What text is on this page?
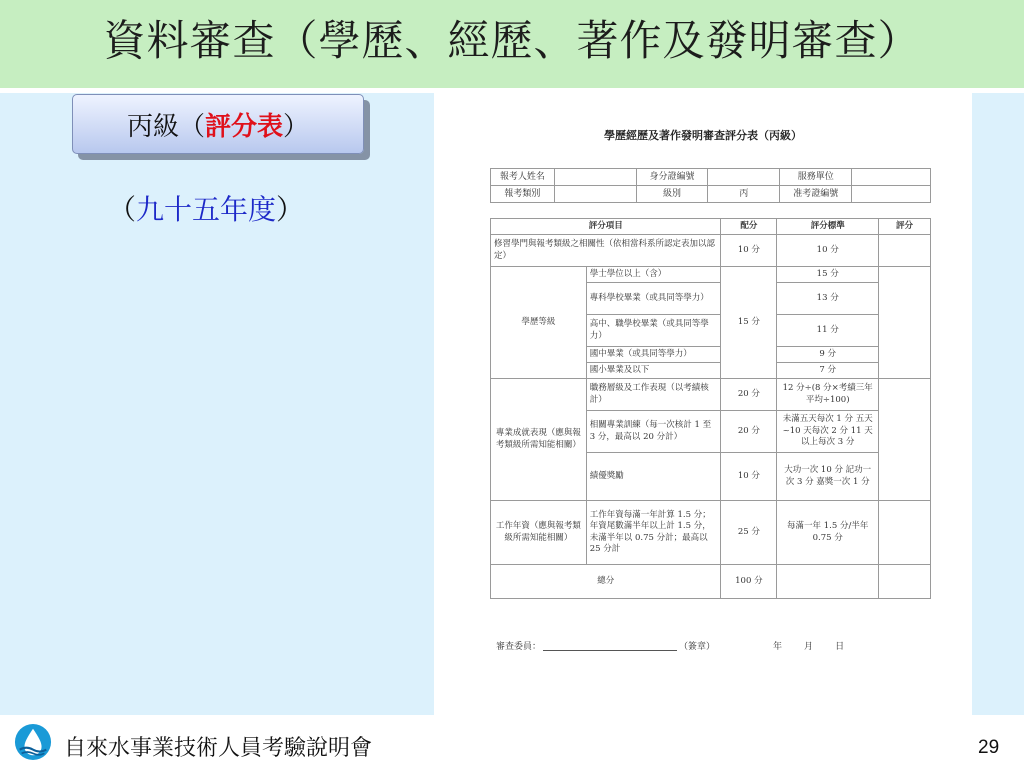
資料審查（學歷、經歷、著作及發明審查）
丙級（ 評分表 ）
（九十五年度）
學歷經歷及著作發明審查評分表（丙級）
報考人姓名		身分證編號		服務單位	
報考類別		級別	丙	准考證編號	
評分項目		配分	評分標準	評分
修習學門與報考類級之相關性（依相當科系所認定表加以認定）		10 分	10 分	
學歷等級	學士學位以上（含）	15 分	15 分	
	專科學校畢業（或具同等學力）		13 分	
	高中、職學校畢業（或具同等學力）		11 分	
	國中畢業（或具同等學力）		9 分	
	國小畢業及以下		7 分	
專業成就表現（應與報考類級所需知能相關）	職務層級及工作表現（以考績核計）	20 分	12 分÷(8 分×考績三年平均÷100)	
	相關專業訓練（每一次核計 1 至 3 分，最高以 20 分計）	20 分	未滿五天每次 1 分 五天~10 天每次 2 分 11 天以上每次 3 分	
	績優獎勵	10 分	大功一次 10 分 記功一次 3 分 嘉獎一次 1 分	
工作年資（應與報考類級所需知能相關）	工作年資每滿一年計算 1.5 分；年資尾數滿半年以上計 1.5 分，未滿半年以 0.75 分計；最高以 25 分計	25 分	每滿一年 1.5 分/半年 0.75 分	
總分		100 分		
審查委員：	（簽章）	年 月 日
自來水事業技術人員考驗說明會	29
